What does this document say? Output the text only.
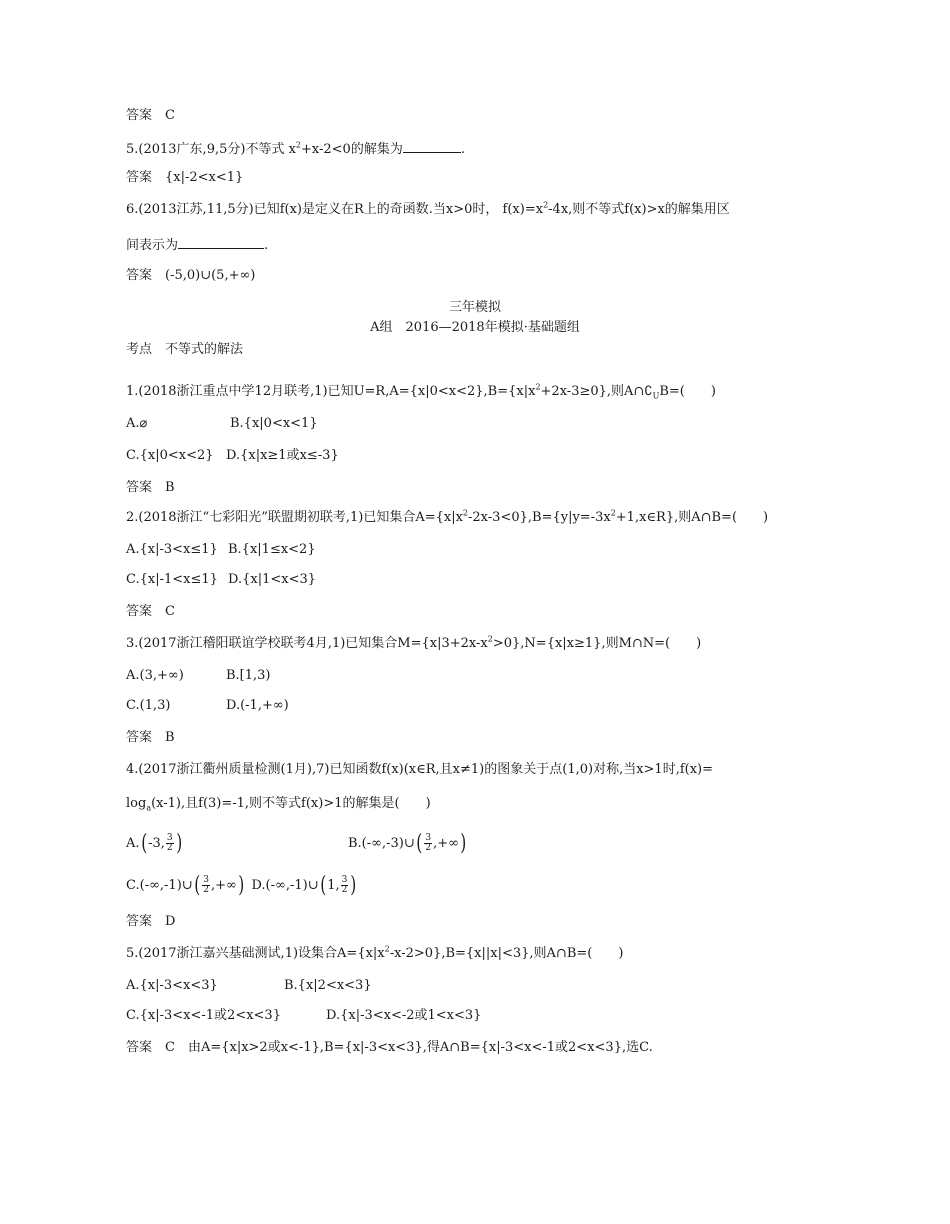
答案　C
5.(2013广东,9,5分)不等式 $x^2+x-2<0$的解集为	.
答案　{x|-2<x<1}
6.(2013江苏,11,5分)已知f(x)是定义在R上的奇函数.当x>0时， $f(x)=x^2-4x$,则不等式f(x)>x的解集用区
间表示为	.
答案　(-5,0)∪(5,+∞)
三年模拟
A组　2016—2018年模拟·基础题组
考点　不等式的解法
1.(2018浙江重点中学12月联考,1)已知$U=R,A=\{x|0<x<2\},B=\{x|x^2+2x-3\ge 0\}$,则$A\cap∁_UB=$(　　)
A.⌀	B.{x|0<x<1}
C.{x|0<x<2} D.{x|x≥1或x≤-3}
答案　B
2.(2018浙江“七彩阳光”联盟期初联考,1)已知集合$A=\{x|x^2-2x-3<0\},B=\{y|y=-3x^2+1,x\in R\}$,则A∩B=(　　)
A.{x|-3<x≤1} B.{x|1≤x<2}
C.{x|-1<x≤1} D.{x|1<x<3}
答案　C
3.(2017浙江稽阳联谊学校联考4月,1)已知集合$M=\{x|3+2x-x^2>0\},N=\{x|x\ge 1\}$,则M∩N=(　　)
A.(3,+∞)	B.[1,3)
C.(1,3)	D.(-1,+∞)
答案　B
4.(2017浙江衢州质量检测(1月),7)已知函数f(x)(x∈R,且x≠1)的图象关于点(1,0)对称,当x>1时,f(x)=
$\log_a(x-1)$,且f(3)=-1,则不等式f(x)>1的解集是(　　)
A.(-3, $\frac{3}{2}$ )	B.(-∞,-3)∪( $\frac{3}{2}$ ,+∞)
C.(-∞,-1)∪( $\frac{3}{2}$ ,+∞) D.(-∞,-1)∪(1, $\frac{3}{2}$ )
答案　D
5.(2017浙江嘉兴基础测试,1)设集合$A=\{x|x^2-x-2>0\},B=\{x||x|<3\}$,则A∩B=(　　)
A.{x|-3<x<3}	B.{x|2<x<3}
C.{x|-3<x<-1或2<x<3}	D.{x|-3<x<-2或1<x<3}
答案　C　由A={x|x>2或x<-1},B={x|-3<x<3},得A∩B={x|-3<x<-1或2<x<3},选C.
